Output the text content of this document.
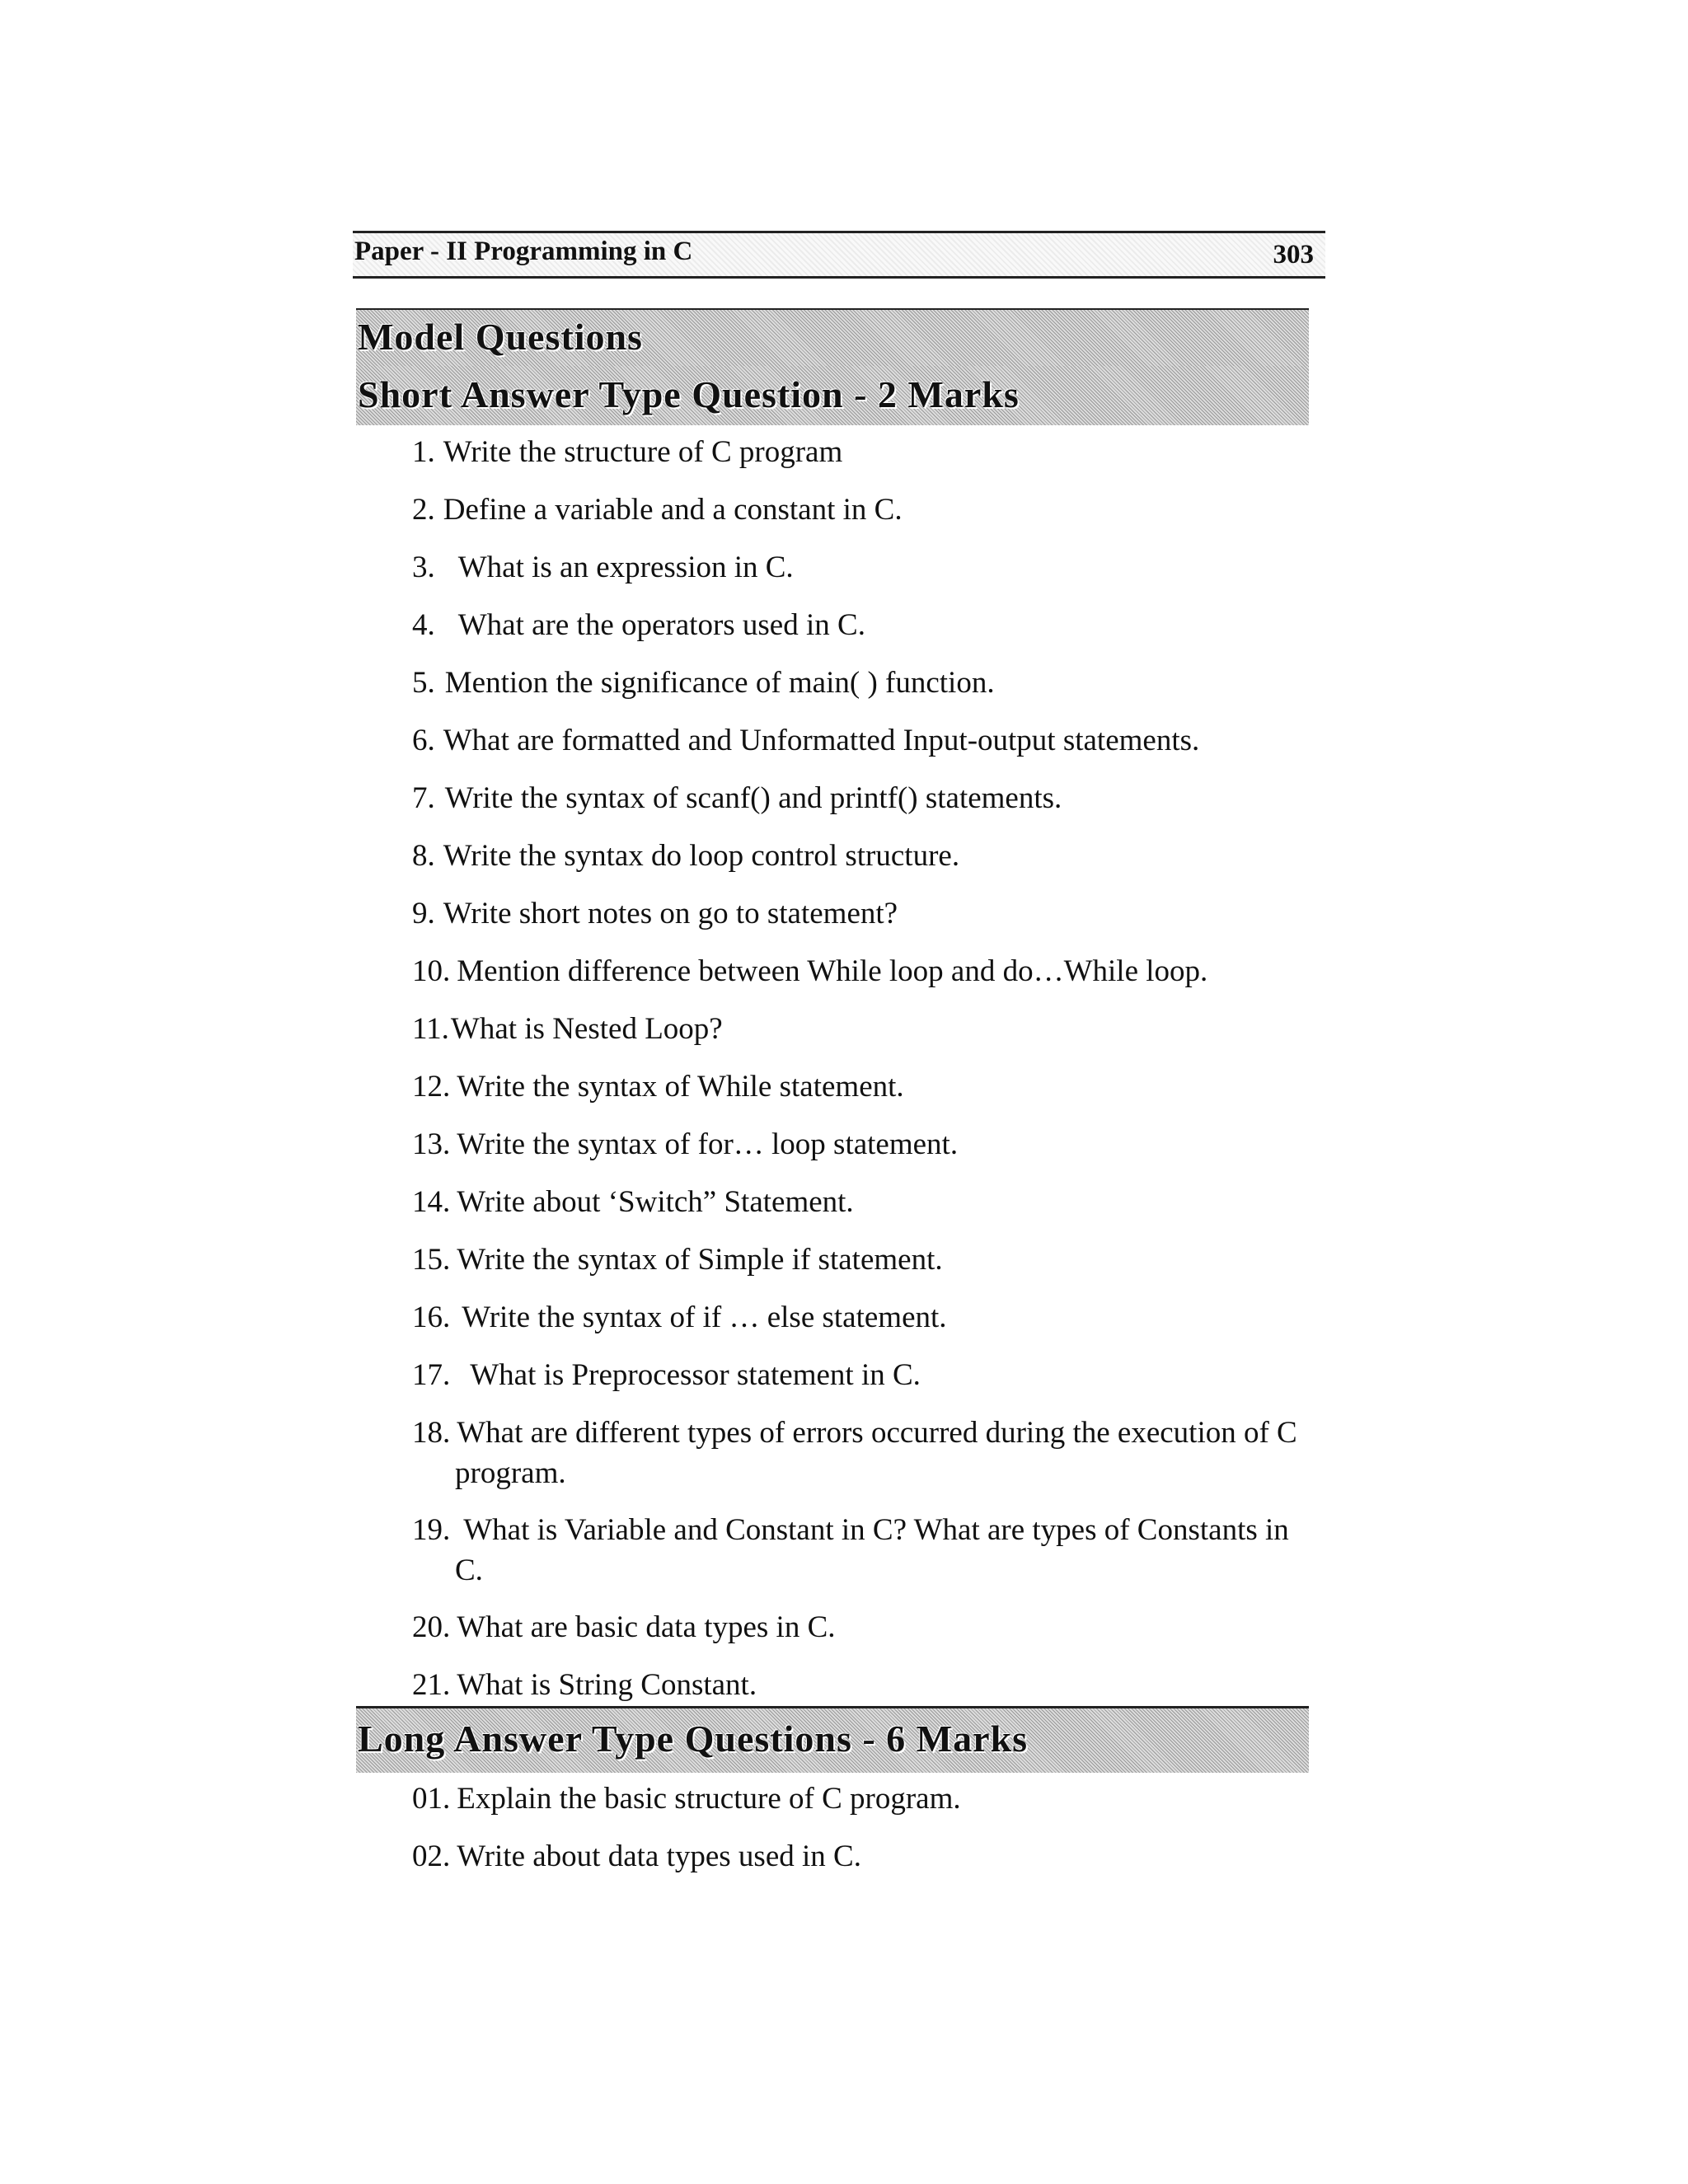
Paper - II Programming in C	303
Model Questions
Short Answer Type Question - 2 Marks
1. Write the structure of C program
2. Define a variable and a constant in C.
3. What is an expression in C.
4. What are the operators used in C.
5. Mention the significance of main( ) function.
6. What are formatted and Unformatted Input-output statements.
7. Write the syntax of scanf() and printf() statements.
8. Write the syntax do loop control structure.
9. Write short notes on go to statement?
10. Mention difference between While loop and do…While loop.
11.What is Nested Loop?
12. Write the syntax of While statement.
13. Write the syntax of for… loop statement.
14. Write about ‘Switch” Statement.
15. Write the syntax of Simple if statement.
16. Write the syntax of if … else statement.
17. What is Preprocessor statement in C.
18. What are different types of errors occurred during the execution of C
program.
19. What is Variable and Constant in C? What are types of Constants in
C.
20. What are basic data types in C.
21. What is String Constant.
Long Answer Type Questions - 6 Marks
01. Explain the basic structure of C program.
02. Write about data types used in C.
